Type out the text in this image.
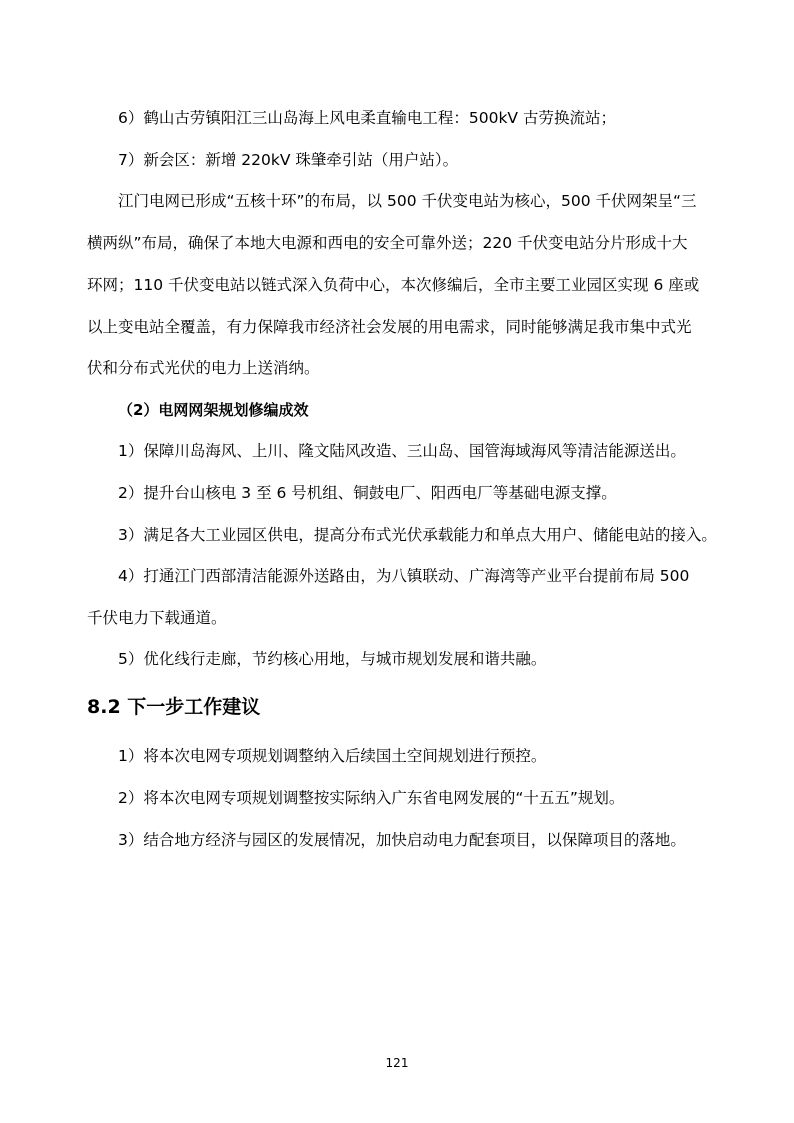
6）鹤山古劳镇阳江三山岛海上风电柔直输电工程：500kV 古劳换流站；
7）新会区：新增 220kV 珠肇牵引站（用户站）。
江门电网已形成“五核十环”的布局，以 500 千伏变电站为核心，500 千伏网架呈“三
横两纵”布局，确保了本地大电源和西电的安全可靠外送；220 千伏变电站分片形成十大
环网；110 千伏变电站以链式深入负荷中心，本次修编后，全市主要工业园区实现 6 座或
以上变电站全覆盖，有力保障我市经济社会发展的用电需求，同时能够满足我市集中式光
伏和分布式光伏的电力上送消纳。
（2）电网网架规划修编成效
1）保障川岛海风、上川、隆文陆风改造、三山岛、国管海域海风等清洁能源送出。
2）提升台山核电 3 至 6 号机组、铜鼓电厂、阳西电厂等基础电源支撑。
3）满足各大工业园区供电，提高分布式光伏承载能力和单点大用户、储能电站的接入。
4）打通江门西部清洁能源外送路由，为八镇联动、广海湾等产业平台提前布局 500
千伏电力下载通道。
5）优化线行走廊，节约核心用地，与城市规划发展和谐共融。
8.2 下一步工作建议
1）将本次电网专项规划调整纳入后续国土空间规划进行预控。
2）将本次电网专项规划调整按实际纳入广东省电网发展的“十五五”规划。
3）结合地方经济与园区的发展情况，加快启动电力配套项目，以保障项目的落地。
121
